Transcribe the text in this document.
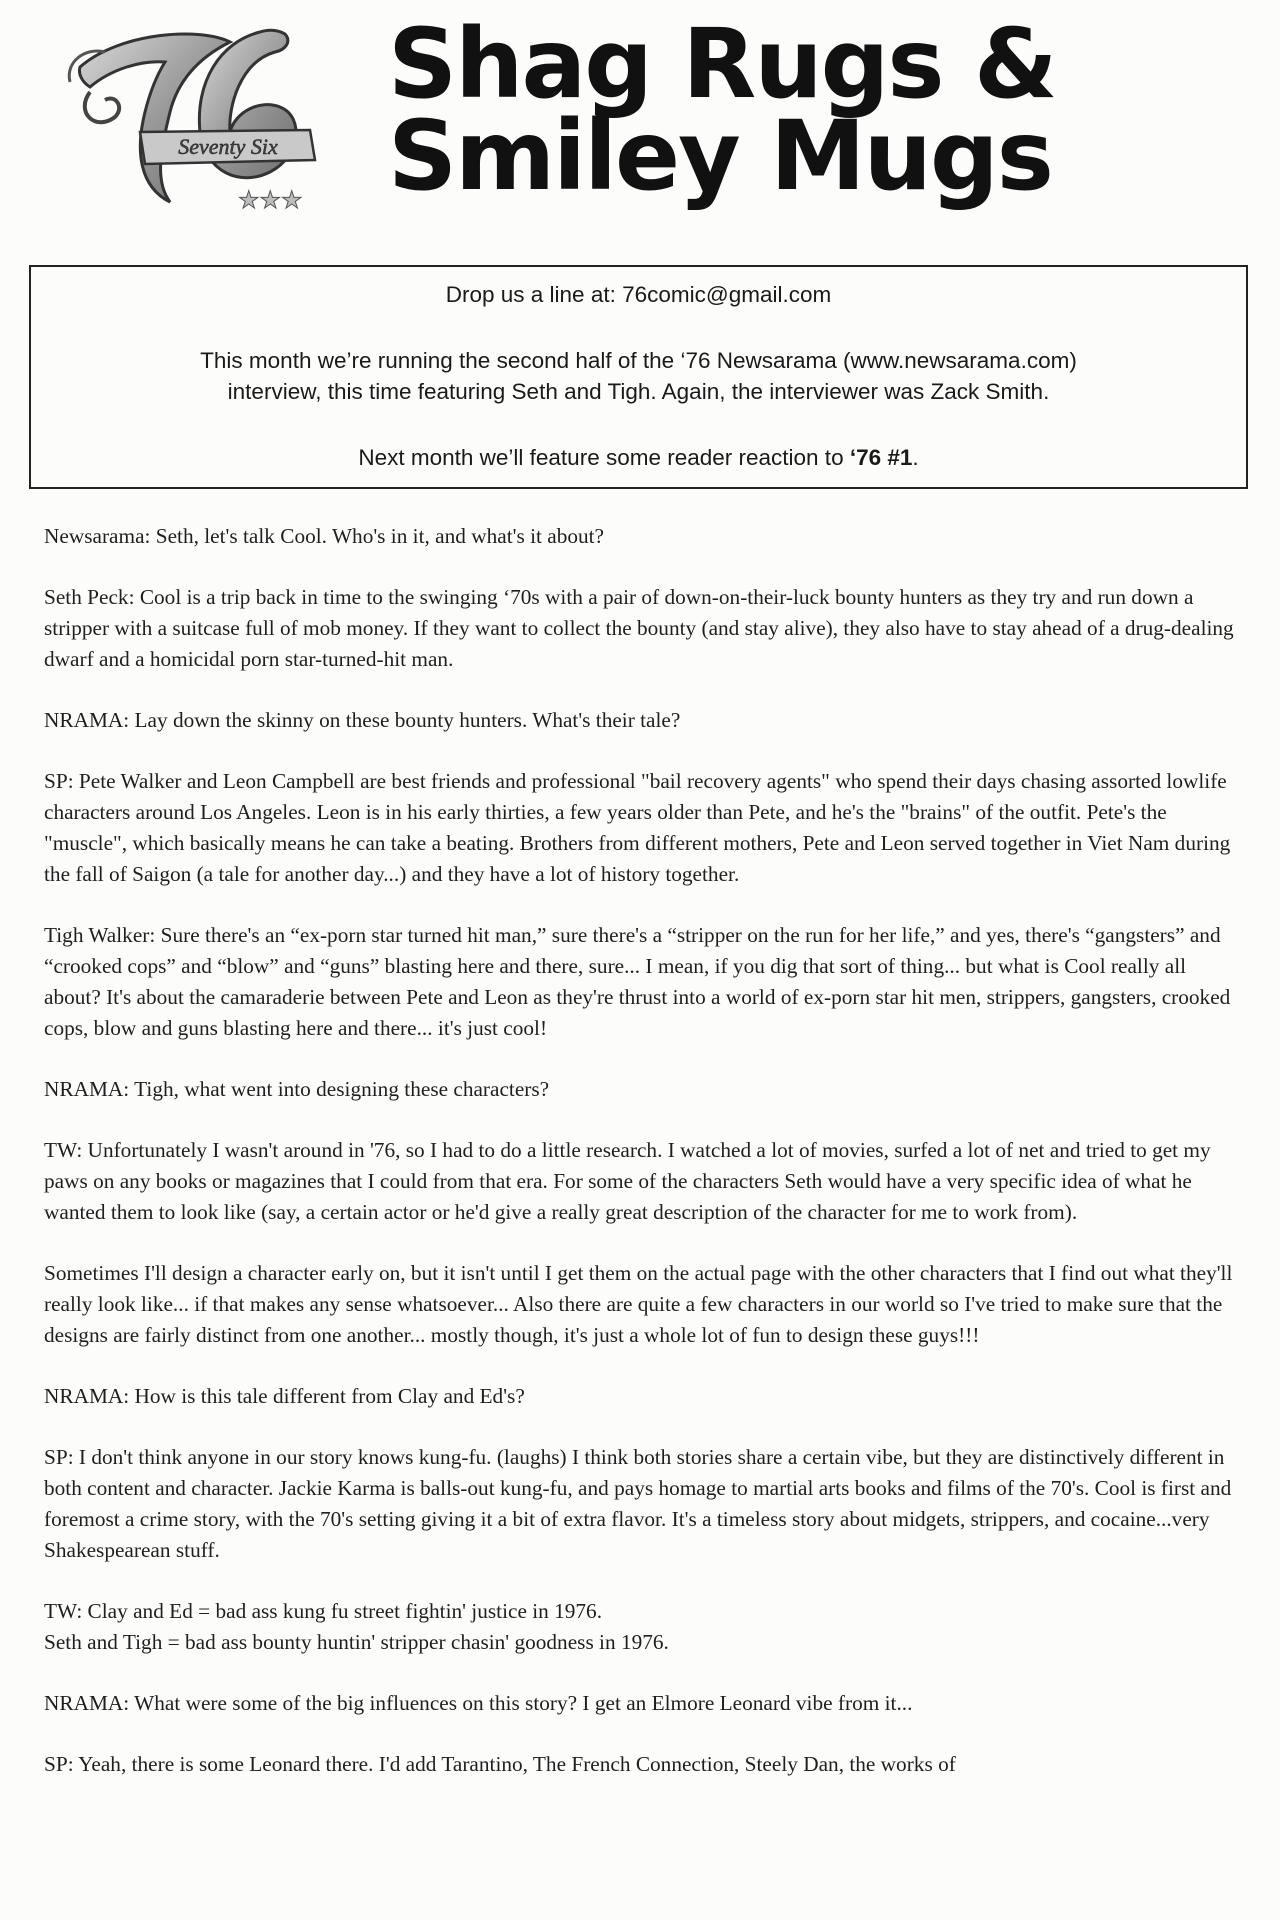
Seventy Six
★★★
Shag Rugs &
Smiley Mugs

Drop us a line at: 76comic@gmail.com

This month we’re running the second half of the ‘76 Newsarama (www.newsarama.com)

interview, this time featuring Seth and Tigh. Again, the interviewer was Zack Smith.

Next month we’ll feature some reader reaction to ‘76 #1.

Newsarama: Seth, let's talk Cool. Who's in it, and what's it about?

Seth Peck: Cool is a trip back in time to the swinging ‘70s with a pair of down-on-their-luck bounty hunters as they try and run down a stripper with a suitcase full of mob money. If they want to collect the bounty (and stay alive), they also have to stay ahead of a drug-dealing dwarf and a homicidal porn star-turned-hit man.

NRAMA: Lay down the skinny on these bounty hunters. What's their tale?

SP: Pete Walker and Leon Campbell are best friends and professional "bail recovery agents" who spend their days chasing assorted lowlife characters around Los Angeles. Leon is in his early thirties, a few years older than Pete, and he's the "brains" of the outfit. Pete's the "muscle", which basically means he can take a beating. Brothers from different mothers, Pete and Leon served together in Viet Nam during the fall of Saigon (a tale for another day...) and they have a lot of history together.

Tigh Walker: Sure there's an “ex-porn star turned hit man,” sure there's a “stripper on the run for her life,” and yes, there's “gangsters” and “crooked cops” and “blow” and “guns” blasting here and there, sure... I mean, if you dig that sort of thing... but what is Cool really all about? It's about the camaraderie between Pete and Leon as they're thrust into a world of ex-porn star hit men, strippers, gangsters, crooked cops, blow and guns blasting here and there... it's just cool!

NRAMA: Tigh, what went into designing these characters?

TW: Unfortunately I wasn't around in '76, so I had to do a little research. I watched a lot of movies, surfed a lot of net and tried to get my paws on any books or magazines that I could from that era. For some of the characters Seth would have a very specific idea of what he wanted them to look like (say, a certain actor or he'd give a really great description of the character for me to work from).

Sometimes I'll design a character early on, but it isn't until I get them on the actual page with the other characters that I find out what they'll really look like... if that makes any sense whatsoever... Also there are quite a few characters in our world so I've tried to make sure that the designs are fairly distinct from one another... mostly though, it's just a whole lot of fun to design these guys!!!

NRAMA: How is this tale different from Clay and Ed's?

SP: I don't think anyone in our story knows kung-fu. (laughs) I think both stories share a certain vibe, but they are distinctively different in both content and character. Jackie Karma is balls-out kung-fu, and pays homage to martial arts books and films of the 70's. Cool is first and foremost a crime story, with the 70's setting giving it a bit of extra flavor. It's a timeless story about midgets, strippers, and cocaine...very Shakespearean stuff.

TW: Clay and Ed = bad ass kung fu street fightin' justice in 1976.
Seth and Tigh = bad ass bounty huntin' stripper chasin' goodness in 1976.

NRAMA: What were some of the big influences on this story? I get an Elmore Leonard vibe from it...

SP: Yeah, there is some Leonard there. I'd add Tarantino, The French Connection, Steely Dan, the works of
